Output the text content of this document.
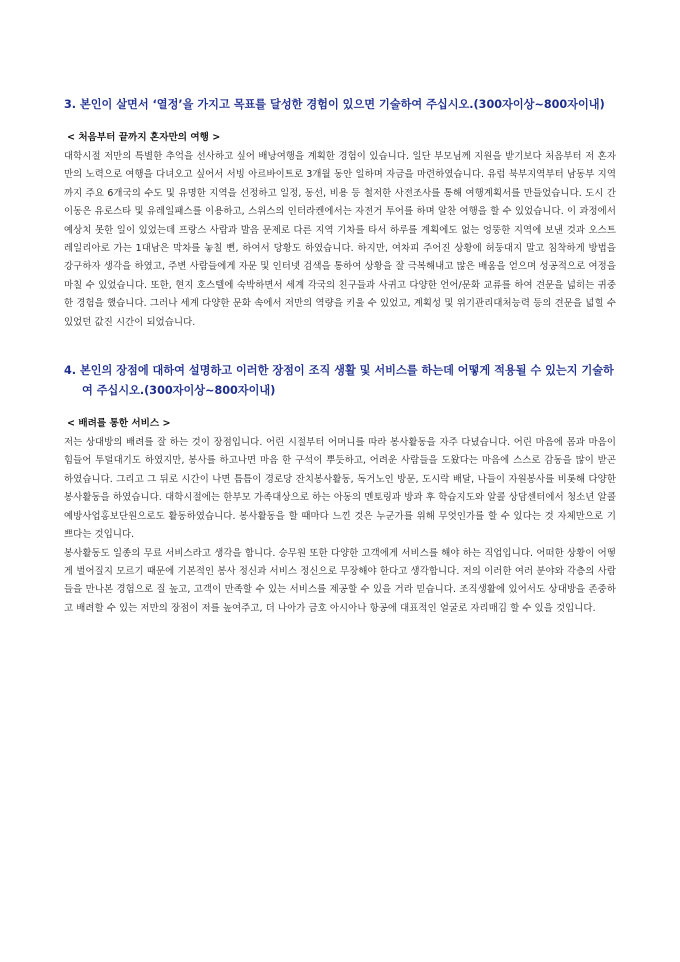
3. 본인이 살면서 ‘열정’을 가지고 목표를 달성한 경험이 있으면 기술하여 주십시오.(300자이상~800자이내)

< 처음부터 끝까지 혼자만의 여행 >

대학시절 저만의 특별한 추억을 선사하고 싶어 배낭여행을 계획한 경험이 있습니다. 일단 부모님께 지원을 받기보다 처음부터 저 혼자만의 노력으로 여행을 다녀오고 싶어서 서빙 아르바이트로 3개월 동안 일하며 자금을 마련하였습니다. 유럽 북부지역부터 남동부 지역까지 주요 6개국의 수도 및 유명한 지역을 선정하고 일정, 동선, 비용 등 철저한 사전조사를 통해 여행계획서를 만들었습니다. 도시 간 이동은 유로스타 및 유레일패스를 이용하고, 스위스의 인터라켄에서는 자전거 투어를 하며 알찬 여행을 할 수 있었습니다. 이 과정에서 예상치 못한 일이 있었는데 프랑스 사람과 발음 문제로 다른 지역 기차를 타서 하루를 계획에도 없는 엉뚱한 지역에 보낸 것과 오스트레일리아로 가는 1대남은 막차를 놓칠 뻔, 하여서 당황도 하였습니다. 하지만, 여차피 주어진 상황에 허둥대지 말고 침착하게 방법을 강구하자 생각을 하였고, 주변 사람들에게 자문 및 인터넷 검색을 통하여 상황을 잘 극복해내고 많은 배움을 얻으며 성공적으로 여정을 마칠 수 있었습니다. 또한, 현지 호스텔에 숙박하면서 세계 각국의 친구들과 사귀고 다양한 언어/문화 교류를 하여 견문을 넓히는 귀중한 경험을 했습니다. 그러나 세계 다양한 문화 속에서 저만의 역량을 키울 수 있었고, 계획성 및 위기관리대처능력 등의 견문을 넓힐 수 있었던 값진 시간이 되었습니다.

4. 본인의 장점에 대하여 설명하고 이러한 장점이 조직 생활 및 서비스를 하는데 어떻게 적용될 수 있는지 기술하여 주십시오.(300자이상~800자이내)

< 배려를 통한 서비스 >

저는 상대방의 배려를 잘 하는 것이 장점입니다. 어린 시절부터 어머니를 따라 봉사활동을 자주 다녔습니다. 어린 마음에 몸과 마음이 힘들어 투덜대기도 하였지만, 봉사를 하고나면 마음 한 구석이 뿌듯하고, 어려운 사람들을 도왔다는 마음에 스스로 감동을 많이 받곤 하였습니다. 그리고 그 뒤로 시간이 나면 틈틈이 경로당 잔치봉사활동, 독거노인 방문, 도시락 배달, 나들이 자원봉사를 비롯해 다양한 봉사활동을 하였습니다. 대학시절에는 한부모 가족대상으로 하는 아동의 멘토링과 방과 후 학습지도와 알콜 상담센터에서 청소년 알콜 예방사업홍보단원으로도 활동하였습니다. 봉사활동을 할 때마다 느낀 것은 누군가를 위해 무엇인가를 할 수 있다는 것 자체만으로 기쁘다는 것입니다.

봉사활동도 일종의 무료 서비스라고 생각을 합니다. 승무원 또한 다양한 고객에게 서비스를 해야 하는 직업입니다. 어떠한 상황이 어떻게 벌어질지 모르기 때문에 기본적인 봉사 정신과 서비스 정신으로 무장해야 한다고 생각합니다. 저의 이러한 여러 분야와 각층의 사람들을 만나본 경험으로 질 높고, 고객이 만족할 수 있는 서비스를 제공할 수 있을 거라 믿습니다. 조직생활에 있어서도 상대방을 존중하고 배려할 수 있는 저만의 장점이 저를 높여주고, 더 나아가 금호 아시아나 항공에 대표적인 얼굴로 자리매김 할 수 있을 것입니다.
